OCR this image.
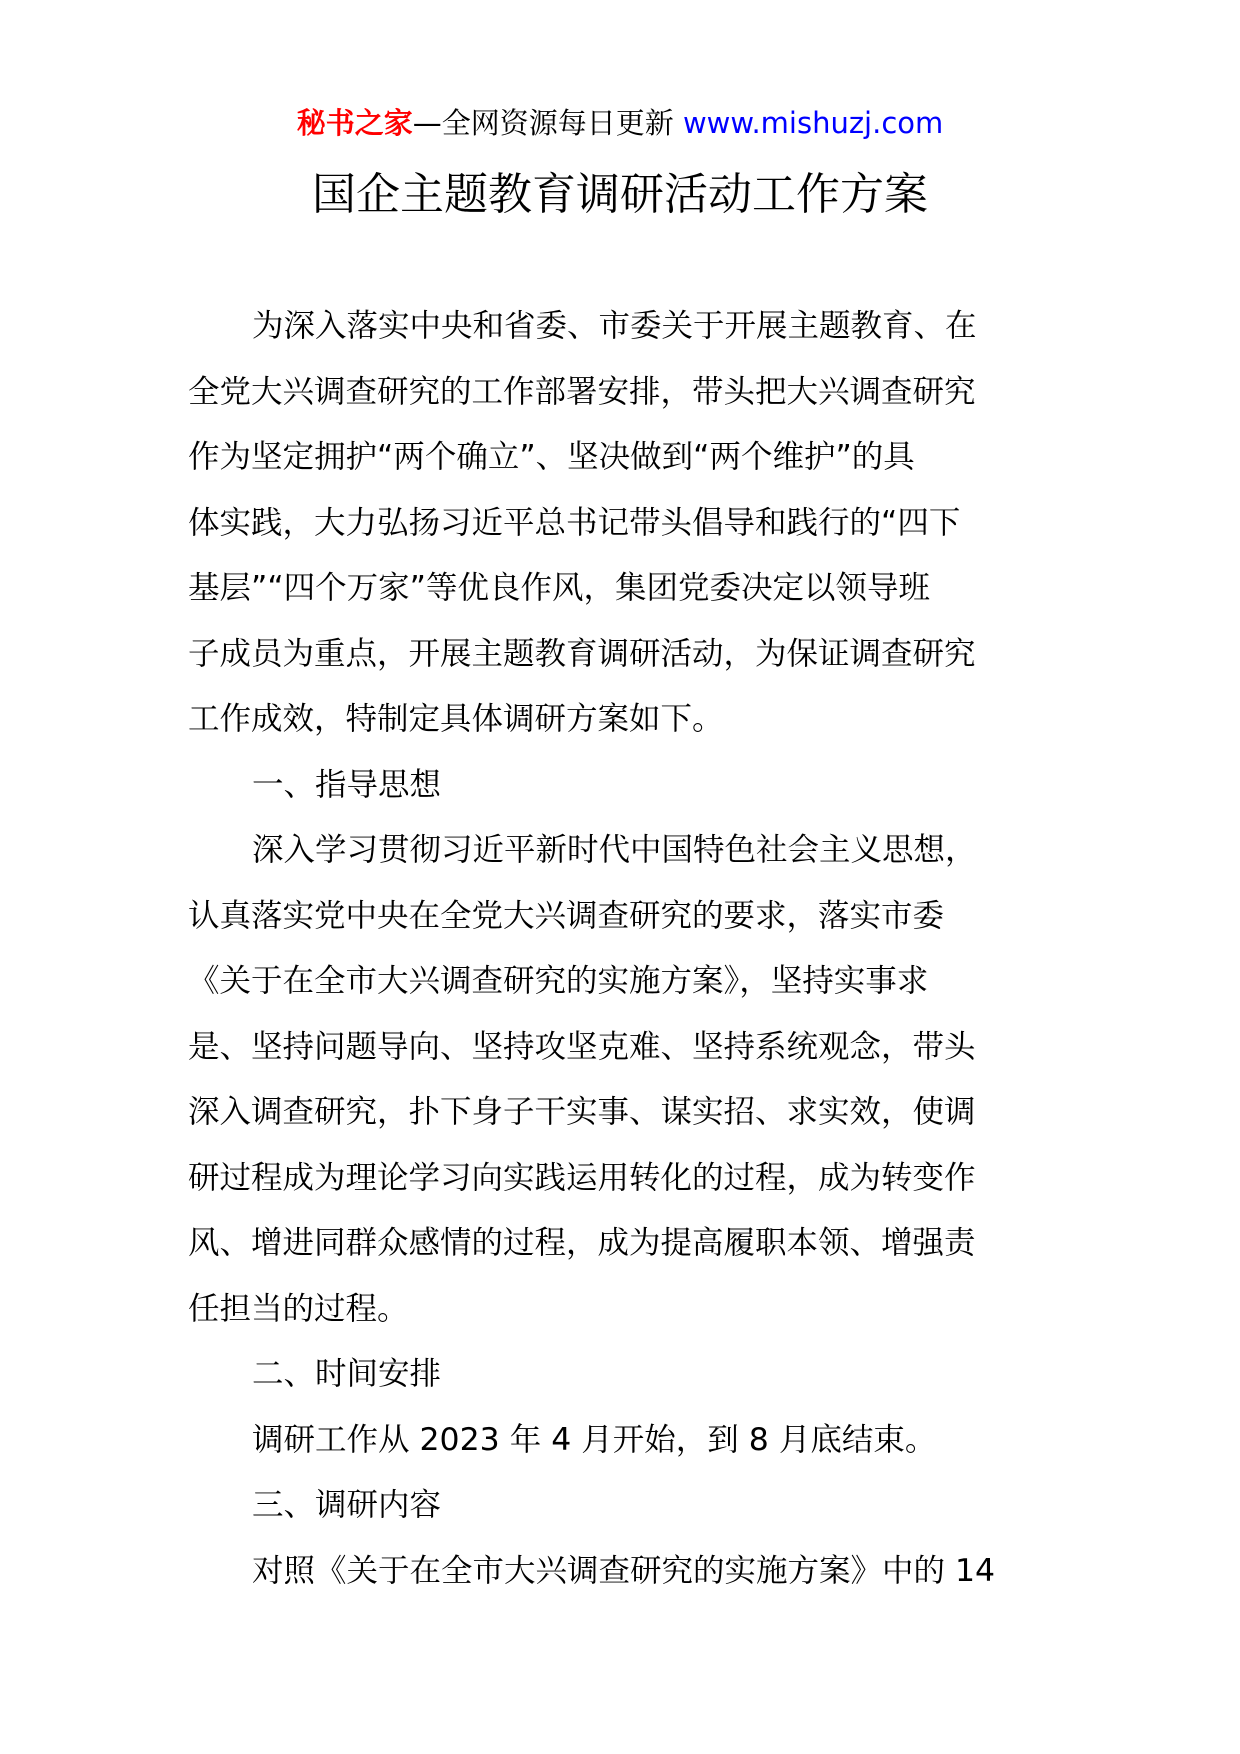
秘书之家—全网资源每日更新 www.mishuzj.com
国企主题教育调研活动工作方案
为深入落实中央和省委、市委关于开展主题教育、在
全党大兴调查研究的工作部署安排，带头把大兴调查研究
作为坚定拥护“两个确立”、坚决做到“两个维护”的具
体实践，大力弘扬习近平总书记带头倡导和践行的“四下
基层”“四个万家”等优良作风，集团党委决定以领导班
子成员为重点，开展主题教育调研活动，为保证调查研究
工作成效，特制定具体调研方案如下。
一、指导思想
深入学习贯彻习近平新时代中国特色社会主义思想，
认真落实党中央在全党大兴调查研究的要求，落实市委
《关于在全市大兴调查研究的实施方案》，坚持实事求
是、坚持问题导向、坚持攻坚克难、坚持系统观念，带头
深入调查研究，扑下身子干实事、谋实招、求实效，使调
研过程成为理论学习向实践运用转化的过程，成为转变作
风、增进同群众感情的过程，成为提高履职本领、增强责
任担当的过程。
二、时间安排
调研工作从 2023 年 4 月开始，到 8 月底结束。
三、调研内容
对照《关于在全市大兴调查研究的实施方案》中的 14
